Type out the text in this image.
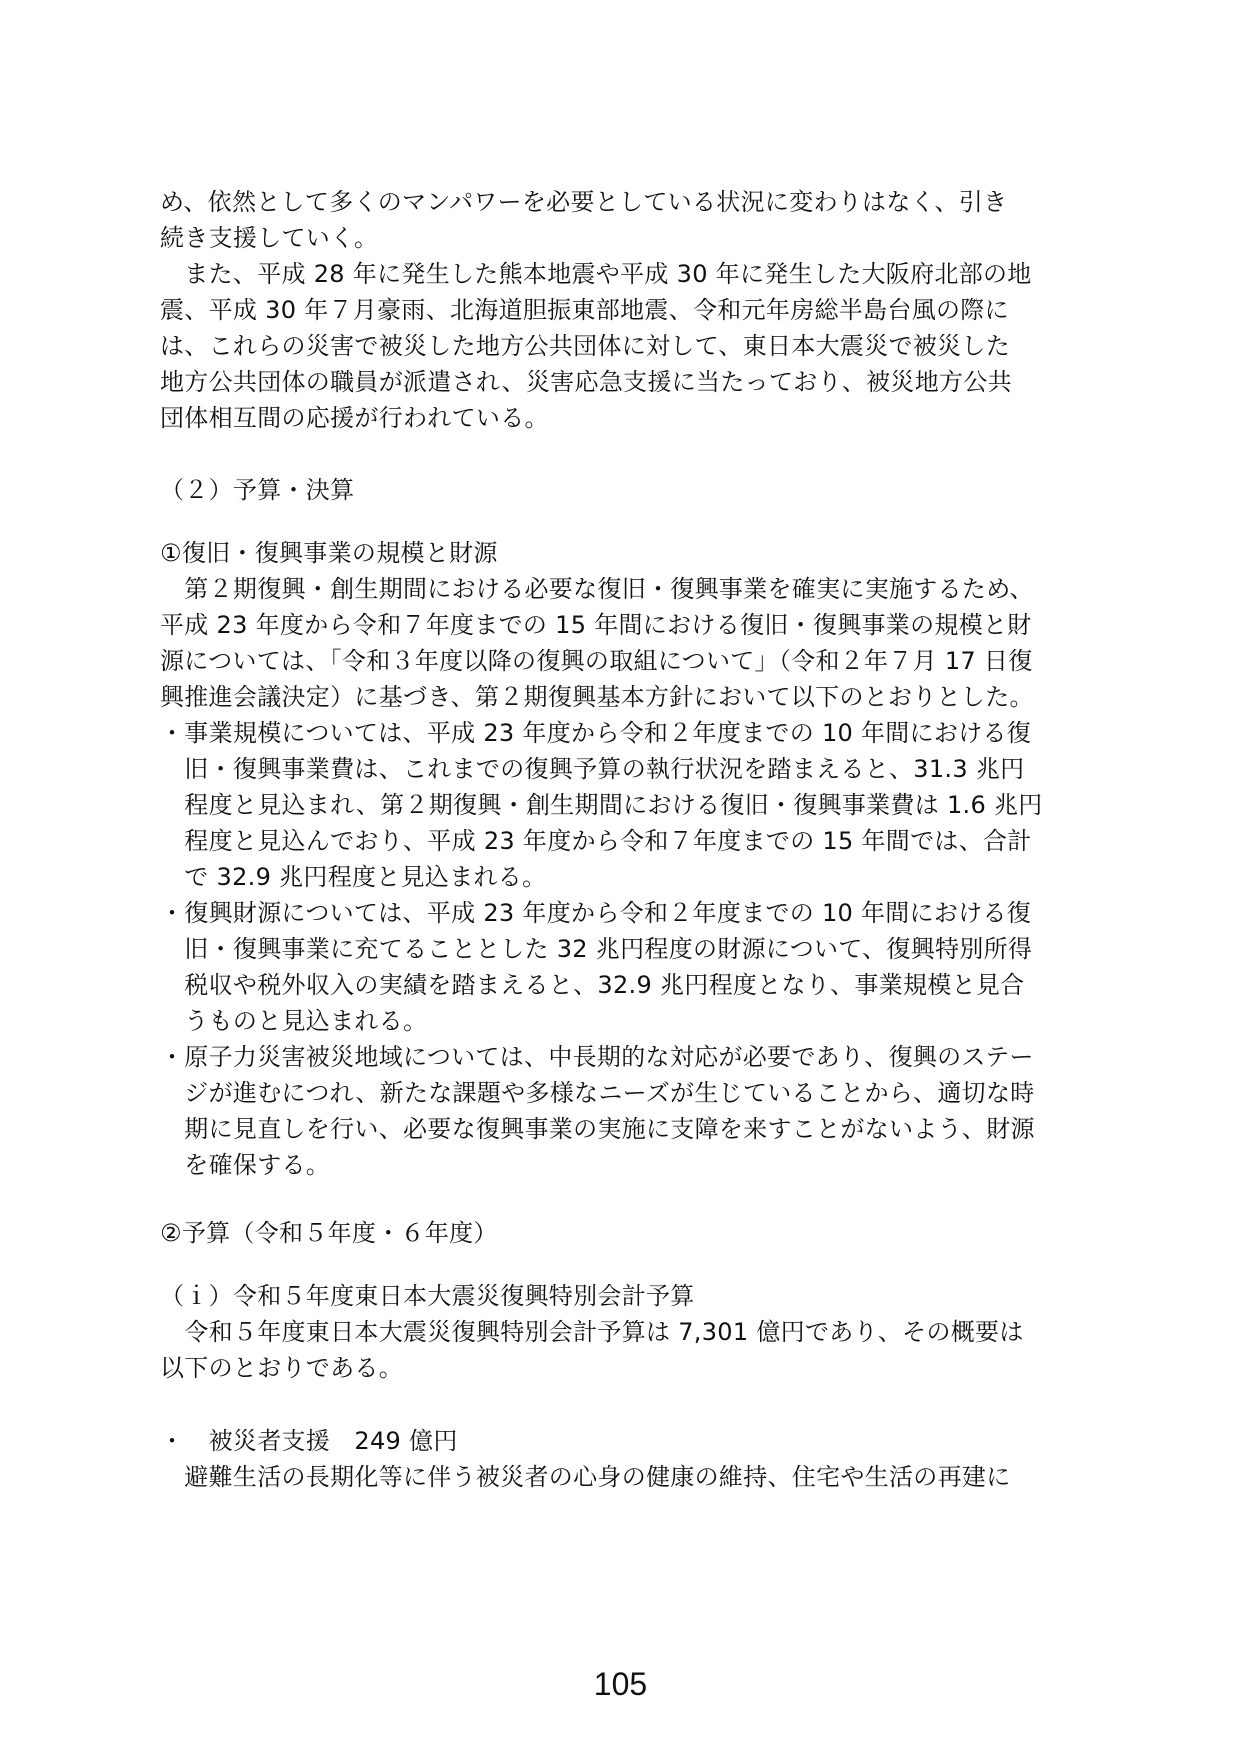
め、依然として多くのマンパワーを必要としている状況に変わりはなく、引き
続き支援していく。
　また、平成 28 年に発生した熊本地震や平成 30 年に発生した大阪府北部の地
震、平成 30 年７月豪雨、北海道胆振東部地震、令和元年房総半島台風の際に
は、これらの災害で被災した地方公共団体に対して、東日本大震災で被災した
地方公共団体の職員が派遣され、災害応急支援に当たっており、被災地方公共
団体相互間の応援が行われている。
（２）予算・決算
①復旧・復興事業の規模と財源
　第２期復興・創生期間における必要な復旧・復興事業を確実に実施するため、
平成 23 年度から令和７年度までの 15 年間における復旧・復興事業の規模と財
源については、「令和３年度以降の復興の取組について」（令和２年７月 17 日復
興推進会議決定）に基づき、第２期復興基本方針において以下のとおりとした。
・事業規模については、平成 23 年度から令和２年度までの 10 年間における復
　旧・復興事業費は、これまでの復興予算の執行状況を踏まえると、31.3 兆円
　程度と見込まれ、第２期復興・創生期間における復旧・復興事業費は 1.6 兆円
　程度と見込んでおり、平成 23 年度から令和７年度までの 15 年間では、合計
　で 32.9 兆円程度と見込まれる。
・復興財源については、平成 23 年度から令和２年度までの 10 年間における復
　旧・復興事業に充てることとした 32 兆円程度の財源について、復興特別所得
　税収や税外収入の実績を踏まえると、32.9 兆円程度となり、事業規模と見合
　うものと見込まれる。
・原子力災害被災地域については、中長期的な対応が必要であり、復興のステー
　ジが進むにつれ、新たな課題や多様なニーズが生じていることから、適切な時
　期に見直しを行い、必要な復興事業の実施に支障を来すことがないよう、財源
　を確保する。
②予算（令和５年度・６年度）
（ｉ）令和５年度東日本大震災復興特別会計予算
　令和５年度東日本大震災復興特別会計予算は 7,301 億円であり、その概要は
以下のとおりである。
・　被災者支援　249 億円
　避難生活の長期化等に伴う被災者の心身の健康の維持、住宅や生活の再建に
105
